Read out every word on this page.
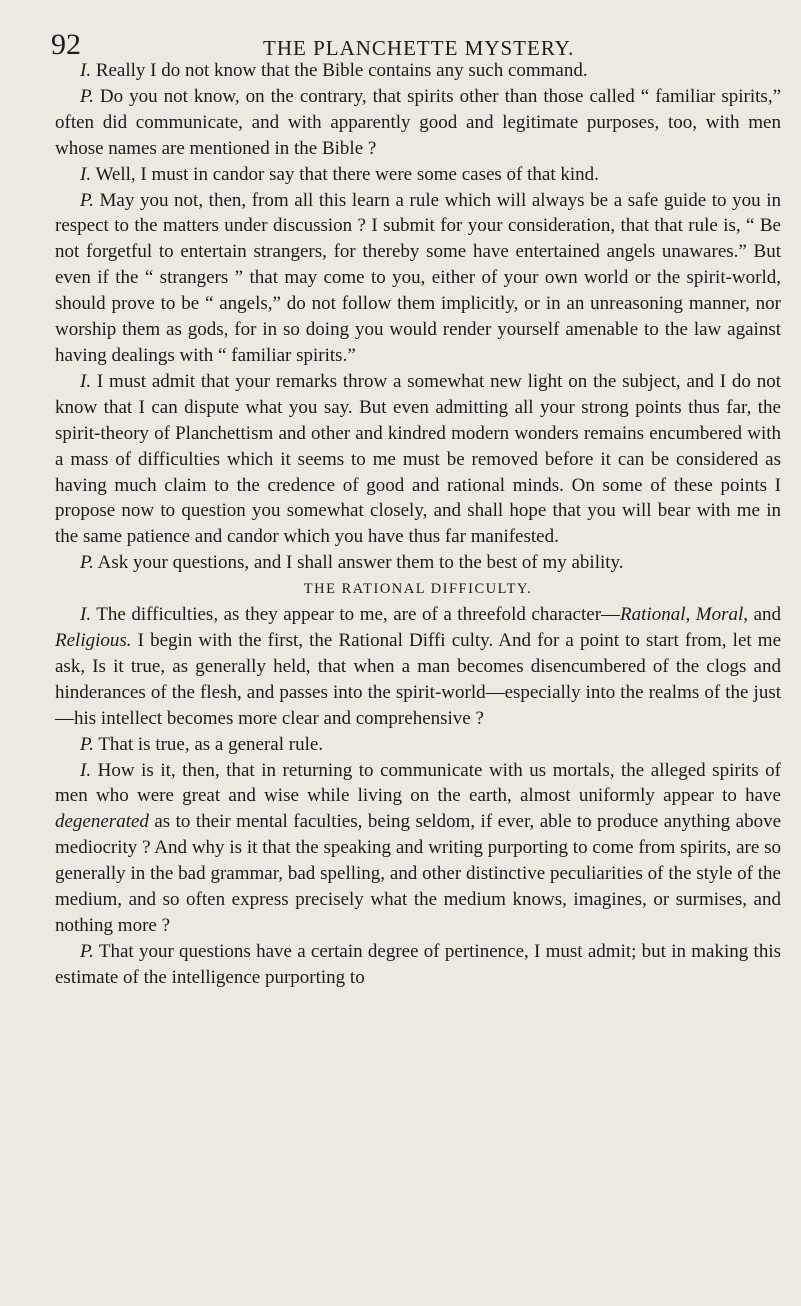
92	THE PLANCHETTE MYSTERY.

I. Really I do not know that the Bible contains any such command.

P. Do you not know, on the contrary, that spirits other than those called “ familiar spirits,” often did communicate, and with apparently good and legitimate purposes, too, with men whose names are mentioned in the Bible ?

I. Well, I must in candor say that there were some cases of that kind.

P. May you not, then, from all this learn a rule which will always be a safe guide to you in respect to the matters under discussion ? I submit for your consideration, that that rule is, “ Be not forgetful to entertain strangers, for thereby some have entertained angels unawares.” But even if the “ strangers ” that may come to you, either of your own world or the spirit-world, should prove to be “ angels,” do not follow them implicitly, or in an unreasoning manner, nor worship them as gods, for in so doing you would render yourself amenable to the law against having dealings with “ familiar spirits.”

I. I must admit that your remarks throw a somewhat new light on the subject, and I do not know that I can dispute what you say. But even admitting all your strong points thus far, the spirit-theory of Planchettism and other and kindred modern wonders remains encumbered with a mass of difficulties which it seems to me must be removed before it can be considered as having much claim to the credence of good and rational minds. On some of these points I propose now to question you somewhat closely, and shall hope that you will bear with me in the same patience and candor which you have thus far manifested.

P. Ask your questions, and I shall answer them to the best of my ability.

THE RATIONAL DIFFICULTY.

I. The difficulties, as they appear to me, are of a threefold character—Rational, Moral, and Religious. I begin with the first, the Rational Diffi culty. And for a point to start from, let me ask, Is it true, as generally held, that when a man becomes disencumbered of the clogs and hinderances of the flesh, and passes into the spirit-world—especially into the realms of the just—his intellect becomes more clear and comprehensive ?

P. That is true, as a general rule.

I. How is it, then, that in returning to communicate with us mortals, the alleged spirits of men who were great and wise while living on the earth, almost uniformly appear to have degenerated as to their mental faculties, being seldom, if ever, able to produce anything above mediocrity ? And why is it that the speaking and writing purporting to come from spirits, are so generally in the bad grammar, bad spelling, and other distinctive peculiarities of the style of the medium, and so often express precisely what the medium knows, imagines, or surmises, and nothing more ?

P. That your questions have a certain degree of pertinence, I must admit; but in making this estimate of the intelligence purporting to
